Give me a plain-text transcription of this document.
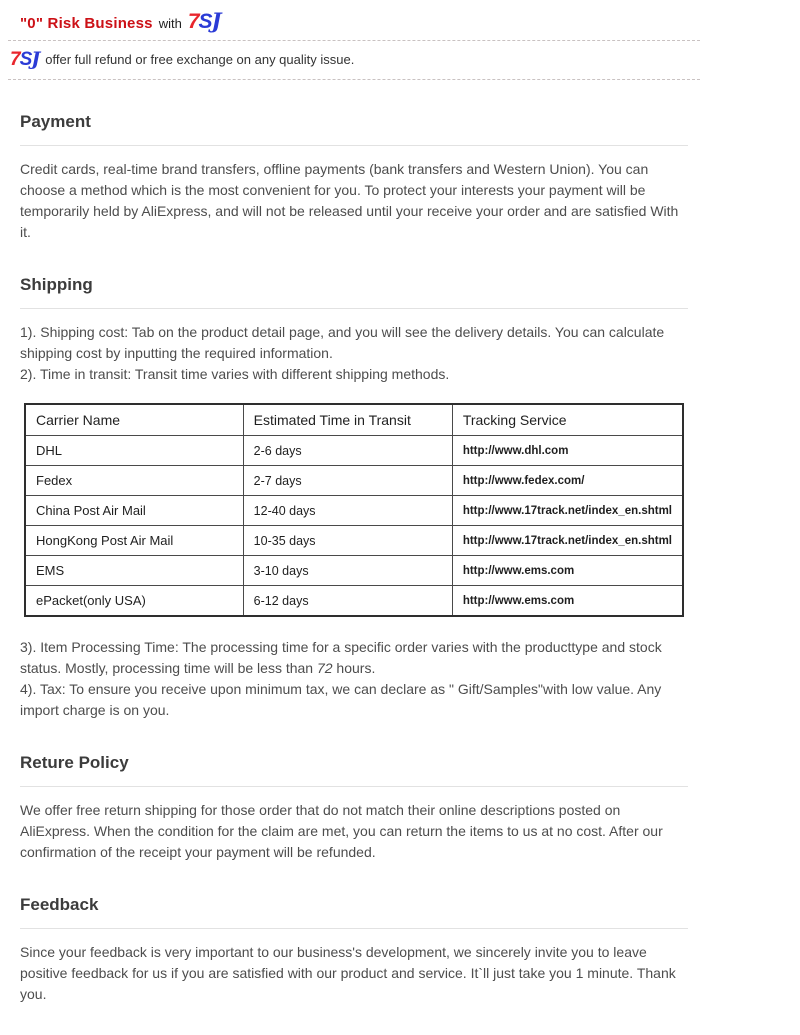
"0" Risk Business with 7SJ
7SJ offer full refund or free exchange on any quality issue.
Payment

Credit cards, real-time brand transfers, offline payments (bank transfers and Western Union). You can choose a method which is the most convenient for you. To protect your interests your payment will be temporarily held by AliExpress, and will not be released until your receive your order and are satisfied With it.

Shipping

1). Shipping cost: Tab on the product detail page, and you will see the delivery details. You can calculate shipping cost by inputting the required information.
2). Time in transit: Transit time varies with different shipping methods.

Carrier Name	Estimated Time in Transit	Tracking Service
DHL	2-6 days	http://www.dhl.com
Fedex	2-7 days	http://www.fedex.com/
China Post Air Mail	12-40 days	http://www.17track.net/index_en.shtml
HongKong Post Air Mail	10-35 days	http://www.17track.net/index_en.shtml
EMS	3-10 days	http://www.ems.com
ePacket(only USA)	6-12 days	http://www.ems.com

3). Item Processing Time: The processing time for a specific order varies with the producttype and stock status. Mostly, processing time will be less than 72 hours.
4). Tax: To ensure you receive upon minimum tax, we can declare as " Gift/Samples"with low value. Any import charge is on you.

Reture Policy

We offer free return shipping for those order that do not match their online descriptions posted on AliExpress. When the condition for the claim are met, you can return the items to us at no cost. After our confirmation of the receipt your payment will be refunded.

Feedback

Since your feedback is very important to our business's development, we sincerely invite you to leave positive feedback for us if you are satisfied with our product and service. It`ll just take you 1 minute. Thank you.
